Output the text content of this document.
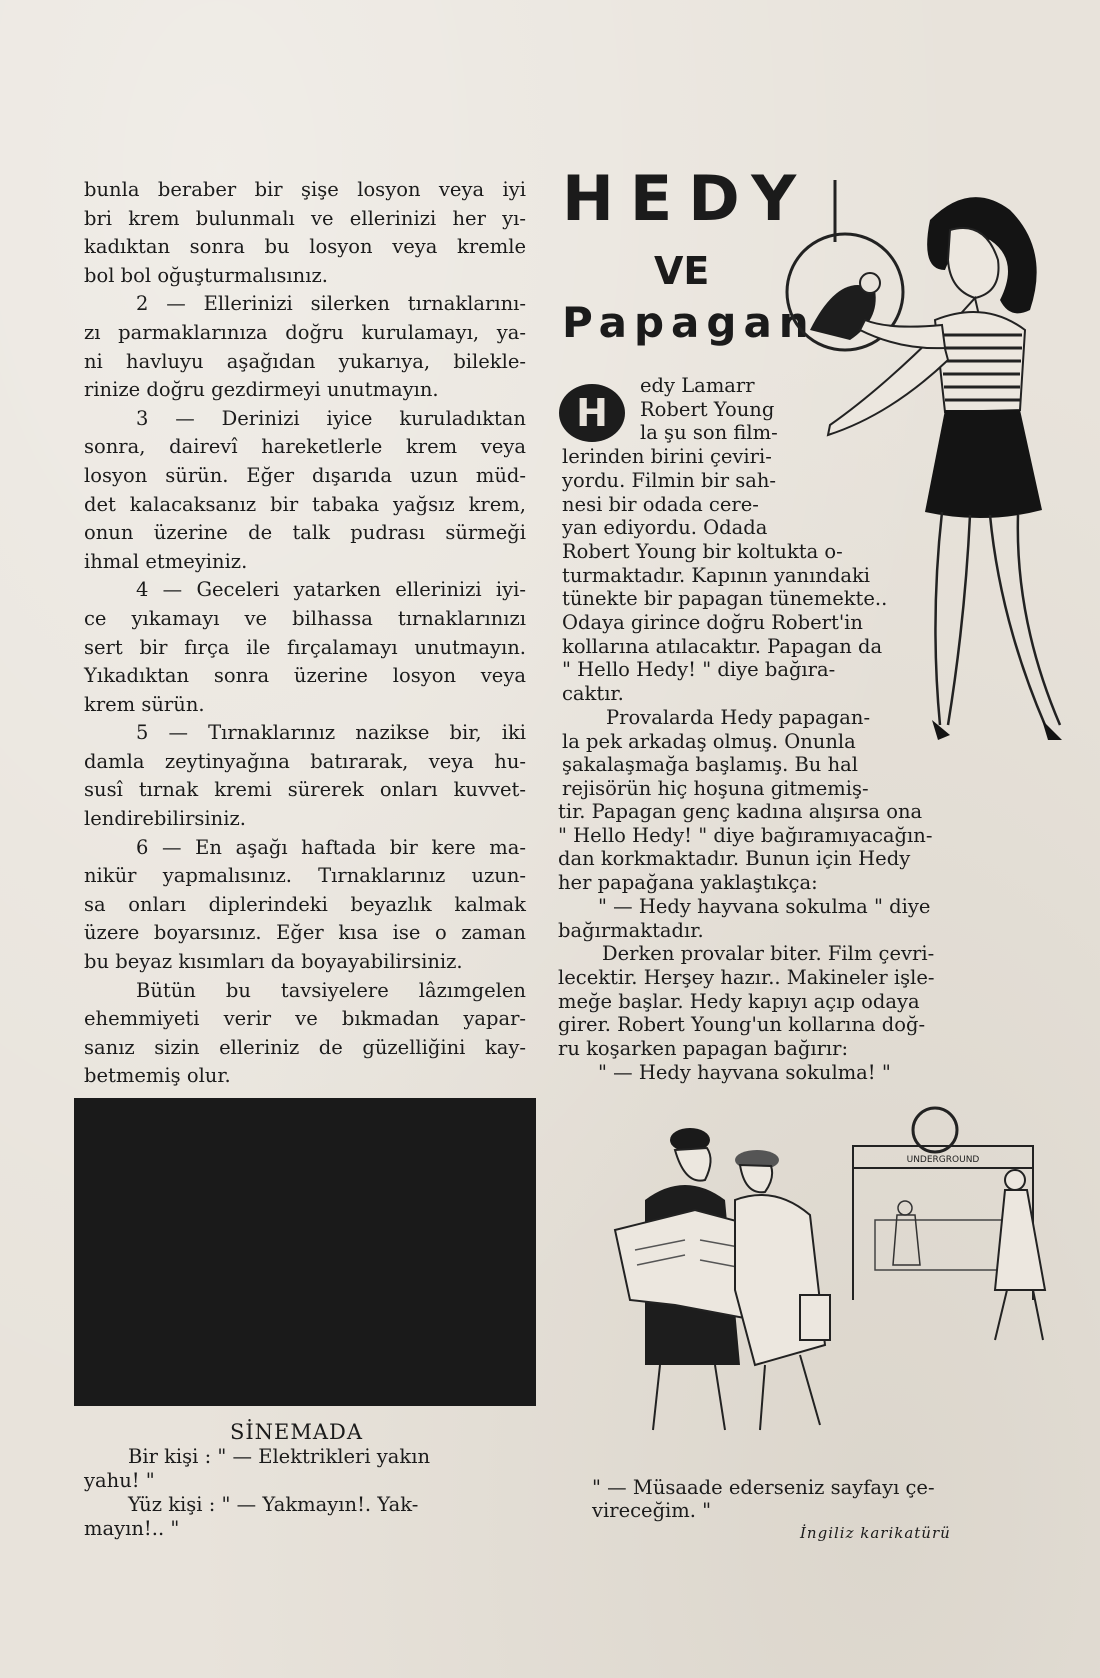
bunla beraber bir şişe losyon veya iyi
bri krem bulunmalı ve ellerinizi her yı-
kadıktan sonra bu losyon veya kremle
bol bol oğuşturmalısınız.
2 — Ellerinizi silerken tırnaklarını-
zı parmaklarınıza doğru kurulamayı, ya-
ni havluyu aşağıdan yukarıya, bilekle-
rinize doğru gezdirmeyi unutmayın.
3 — Derinizi iyice kuruladıktan
sonra, dairevî hareketlerle krem veya
losyon sürün. Eğer dışarıda uzun müd-
det kalacaksanız bir tabaka yağsız krem,
onun üzerine de talk pudrası sürmeği
ihmal etmeyiniz.
4 — Geceleri yatarken ellerinizi iyi-
ce yıkamayı ve bilhassa tırnaklarınızı
sert bir fırça ile fırçalamayı unutmayın.
Yıkadıktan sonra üzerine losyon veya
krem sürün.
5 — Tırnaklarınız nazikse bir, iki
damla zeytinyağına batırarak, veya hu-
susî tırnak kremi sürerek onları kuvvet-
lendirebilirsiniz.
6 — En aşağı haftada bir kere ma-
nikür yapmalısınız. Tırnaklarınız uzun-
sa onları diplerindeki beyazlık kalmak
üzere boyarsınız. Eğer kısa ise o zaman
bu beyaz kısımları da boyayabilirsiniz.
Bütün bu tavsiyelere lâzımgelen
ehemmiyeti verir ve bıkmadan yapar-
sanız sizin elleriniz de güzelliğini kay-
betmemiş olur.
HEDY
VE
Papagan
H
edy Lamarr
Robert Young
la şu son film-
lerinden birini çeviri-
yordu. Filmin bir sah-
nesi bir odada cere-
yan ediyordu. Odada
Robert Young bir koltukta o-
turmaktadır. Kapının yanındaki
tünekte bir papagan tünemekte..
Odaya girince doğru Robert'in
kollarına atılacaktır. Papagan da
" Hello Hedy! " diye bağıra-
caktır.
Provalarda Hedy papagan-
la pek arkadaş olmuş. Onunla
şakalaşmağa başlamış. Bu hal
rejisörün hiç hoşuna gitmemiş-
tir. Papagan genç kadına alışırsa ona
" Hello Hedy! " diye bağıramıyacağın-
dan korkmaktadır. Bunun için Hedy
her papağana yaklaştıkça:
" — Hedy hayvana sokulma " diye
bağırmaktadır.
Derken provalar biter. Film çevri-
lecektir. Herşey hazır.. Makineler işle-
meğe başlar. Hedy kapıyı açıp odaya
girer. Robert Young'un kollarına doğ-
ru koşarken papagan bağırır:
" — Hedy hayvana sokulma! "
SİNEMADA
Bir kişi : " — Elektrikleri yakın
yahu! "
Yüz kişi : " — Yakmayın!. Yak-
mayın!.. "
UNDERGROUND
" — Müsaade ederseniz sayfayı çe-
vireceğim. "
İngiliz karikatürü
